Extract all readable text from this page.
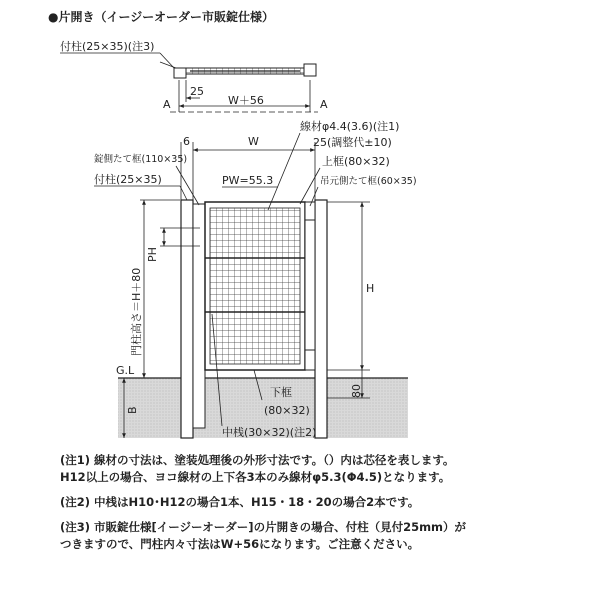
●片開き（イージーオーダー市販錠仕様）
付柱(25×35)(注3)
25
W＋56
A	A
6	W
線材φ4.4(3.6)(注1)
25(調整代±10)
上框(80×32)
吊元側たて框(60×35)
錠側たて框(110×35)
付柱(25×35)	PW=55.3
PH
門柱高さ＝H＋80	H
80
G.L
B
下框
(80×32)
中桟(30×32)(注2)

(注1) 線材の寸法は、塗装処理後の外形寸法です。（）内は芯径を表します。

H12以上の場合、ヨコ線材の上下各3本のみ線材φ5.3(Φ4.5)となります。

(注2) 中桟はH10･H12の場合1本、H15・18・20の場合2本です。

(注3) 市販錠仕様[イージーオーダー]の片開きの場合、付柱（見付25mm）が

つきますので、門柱内々寸法はW+56になります。ご注意ください。
